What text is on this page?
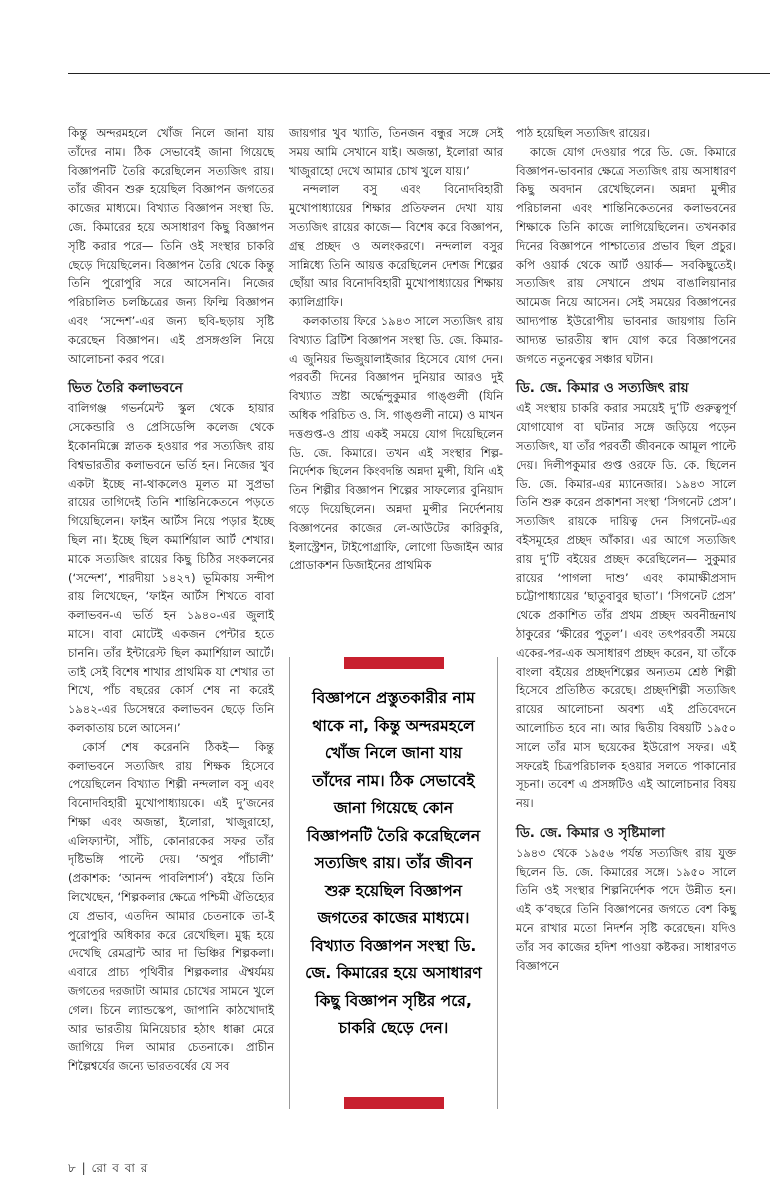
কিন্তু অন্দরমহলে খোঁজ নিলে জানা যায় তাঁদের নাম। ঠিক সেভাবেই জানা গিয়েছে বিজ্ঞাপনটি তৈরি করেছিলেন সত্যজিৎ রায়। তাঁর জীবন শুরু হয়েছিল বিজ্ঞাপন জগতের কাজের মাধ্যমে। বিখ্যাত বিজ্ঞাপন সংস্থা ডি. জে. কিমারের হয়ে অসাধারণ কিছু বিজ্ঞাপন সৃষ্টি করার পরে— তিনি ওই সংস্থার চাকরি ছেড়ে দিয়েছিলেন। বিজ্ঞাপন তৈরি থেকে কিন্তু তিনি পুরোপুরি সরে আসেননি। নিজের পরিচালিত চলচ্চিত্রের জন্য ফিল্মি বিজ্ঞাপন এবং ‘সন্দেশ’-এর জন্য ছবি-ছড়ায় সৃষ্টি করেছেন বিজ্ঞাপন। এই প্রসঙ্গগুলি নিয়ে আলোচনা করব পরে।

ভিত তৈরি কলাভবনে

বালিগঞ্জ গভর্নমেন্ট স্কুল থেকে হায়ার সেকেন্ডারি ও প্রেসিডেন্সি কলেজ থেকে ইকোনমিক্সে স্নাতক হওয়ার পর সত্যজিৎ রায় বিশ্বভারতীর কলাভবনে ভর্তি হন। নিজের খুব একটা ইচ্ছে না-থাকলেও মূলত মা সুপ্রভা রায়ের তাগিদেই তিনি শান্তিনিকেতনে পড়তে গিয়েছিলেন। ফাইন আর্টস নিয়ে পড়ার ইচ্ছে ছিল না। ইচ্ছে ছিল কমার্শিয়াল আর্ট শেখার। মাকে সত্যজিৎ রায়ের কিছু চিঠির সংকলনের (‘সন্দেশ’, শারদীয়া ১৪২৭) ভূমিকায় সন্দীপ রায় লিখেছেন, ‘ফাইন আর্টস শিখতে বাবা কলাভবন-এ ভর্তি হন ১৯৪০-এর জুলাই মাসে। বাবা মোটেই একজন পেন্টার হতে চাননি। তাঁর ইন্টারেস্ট ছিল কমার্শিয়াল আর্টে। তাই সেই বিশেষ শাখার প্রাথমিক যা শেখার তা শিখে, পাঁচ বছরের কোর্স শেষ না করেই ১৯৪২-এর ডিসেম্বরে কলাভবন ছেড়ে তিনি কলকাতায় চলে আসেন।’

কোর্স শেষ করেননি ঠিকই— কিন্তু কলাভবনে সত্যজিৎ রায় শিক্ষক হিসেবে পেয়েছিলেন বিখ্যাত শিল্পী নন্দলাল বসু এবং বিনোদবিহারী মুখোপাধ্যায়কে। এই দু’জনের শিক্ষা এবং অজন্তা, ইলোরা, খাজুরাহো, এলিফ্যান্টা, সাঁচি, কোনারকের সফর তাঁর দৃষ্টিভঙ্গি পাল্টে দেয়। ‘অপুর পাঁচালী’ (প্রকাশক: ‘আনন্দ পাবলিশার্স’) বইয়ে তিনি লিখেছেন, ‘শিল্পকলার ক্ষেত্রে পশ্চিমী ঐতিহ্যের যে প্রভাব, এতদিন আমার চেতনাকে তা-ই পুরোপুরি অধিকার করে রেখেছিল। মুগ্ধ হয়ে দেখেছি রেমব্রান্ট আর দা ভিঞ্চির শিল্পকলা। এবারে প্রাচ্য পৃথিবীর শিল্পকলার ঐশ্বর্যময় জগতের দরজাটা আমার চোখের সামনে খুলে গেল। চিনে ল্যান্ডস্কেপ, জাপানি কাঠখোদাই আর ভারতীয় মিনিয়েচার হঠাৎ ধাক্কা মেরে জাগিয়ে দিল আমার চেতনাকে। প্রাচীন শিল্পৈশ্বর্যের জন্যে ভারতবর্ষের যে সব

জায়গার খুব খ্যাতি, তিনজন বন্ধুর সঙ্গে সেই সময় আমি সেখানে যাই। অজন্তা, ইলোরা আর খাজুরাহো দেখে আমার চোখ খুলে যায়।’

নন্দলাল বসু এবং বিনোদবিহারী মুখোপাধ্যায়ের শিক্ষার প্রতিফলন দেখা যায় সত্যজিৎ রায়ের কাজে— বিশেষ করে বিজ্ঞাপন, গ্রন্থ প্রচ্ছদ ও অলংকরণে। নন্দলাল বসুর সান্নিধ্যে তিনি আয়ত্ত করেছিলেন দেশজ শিল্পের ছোঁয়া আর বিনোদবিহারী মুখোপাধ্যায়ের শিক্ষায় ক্যালিগ্রাফি।

কলকাতায় ফিরে ১৯৪৩ সালে সত্যজিৎ রায় বিখ্যাত ব্রিটিশ বিজ্ঞাপন সংস্থা ডি. জে. কিমার-এ জুনিয়র ভিজুয়ালাইজার হিসেবে যোগ দেন। পরবর্তী দিনের বিজ্ঞাপন দুনিয়ার আরও দুই বিখ্যাত স্রষ্টা অর্দ্ধেন্দুকুমার গাঙ্গুলী (যিনি অধিক পরিচিত ও. সি. গাঙ্গুলী নামে) ও মাখন দত্তগুপ্ত-ও প্রায় একই সময়ে যোগ দিয়েছিলেন ডি. জে. কিমারে। তখন এই সংস্থার শিল্প-নির্দেশক ছিলেন কিংবদন্তি অন্নদা মুন্সী, যিনি এই তিন শিল্পীর বিজ্ঞাপন শিল্পের সাফল্যের বুনিয়াদ গড়ে দিয়েছিলেন। অন্নদা মুন্সীর নির্দেশনায় বিজ্ঞাপনের কাজের লে-আউটের কারিকুরি, ইলাস্ট্রেশন, টাইপোগ্রাফি, লোগো ডিজাইন আর প্রোডাকশন ডিজাইনের প্রাথমিক

বিজ্ঞাপনে প্রস্তুতকারীর নাম থাকে না, কিন্তু অন্দরমহলে খোঁজ নিলে জানা যায় তাঁদের নাম। ঠিক সেভাবেই জানা গিয়েছে কোন বিজ্ঞাপনটি তৈরি করেছিলেন সত্যজিৎ রায়। তাঁর জীবন শুরু হয়েছিল বিজ্ঞাপন জগতের কাজের মাধ্যমে। বিখ্যাত বিজ্ঞাপন সংস্থা ডি. জে. কিমারের হয়ে অসাধারণ কিছু বিজ্ঞাপন সৃষ্টির পরে, চাকরি ছেড়ে দেন।

পাঠ হয়েছিল সত্যজিৎ রায়ের।

কাজে যোগ দেওয়ার পরে ডি. জে. কিমারে বিজ্ঞাপন-ভাবনার ক্ষেত্রে সত্যজিৎ রায় অসাধারণ কিছু অবদান রেখেছিলেন। অন্নদা মুন্সীর পরিচালনা এবং শান্তিনিকেতনের কলাভবনের শিক্ষাকে তিনি কাজে লাগিয়েছিলেন। তখনকার দিনের বিজ্ঞাপনে পাশ্চাত্যের প্রভাব ছিল প্রচুর। কপি ওয়ার্ক থেকে আর্ট ওয়ার্ক— সবকিছুতেই। সত্যজিৎ রায় সেখানে প্রথম বাঙালিয়ানার আমেজ নিয়ে আসেন। সেই সময়ের বিজ্ঞাপনের আদ্যপান্ত ইউরোপীয় ভাবনার জায়গায় তিনি আদ্যন্ত ভারতীয় স্বাদ যোগ করে বিজ্ঞাপনের জগতে নতুনত্বের সঞ্চার ঘটান।

ডি. জে. কিমার ও সত্যজিৎ রায়

এই সংস্থায় চাকরি করার সময়েই দু’টি গুরুত্বপূর্ণ যোগাযোগ বা ঘটনার সঙ্গে জড়িয়ে পড়েন সত্যজিৎ, যা তাঁর পরবর্তী জীবনকে আমূল পাল্টে দেয়। দিলীপকুমার গুপ্ত ওরফে ডি. কে. ছিলেন ডি. জে. কিমার-এর ম্যানেজার। ১৯৪৩ সালে তিনি শুরু করেন প্রকাশনা সংস্থা ‘সিগনেট প্রেস’। সত্যজিৎ রায়কে দায়িত্ব দেন সিগনেট-এর বইসমূহের প্রচ্ছদ আঁকার। এর আগে সত্যজিৎ রায় দু’টি বইয়ের প্রচ্ছদ করেছিলেন— সুকুমার রায়ের ‘পাগলা দাশু’ এবং কামাক্ষীপ্রসাদ চট্টোপাধ্যায়ের ‘ছাতুবাবুর ছাতা’। ‘সিগনেট প্রেস’ থেকে প্রকাশিত তাঁর প্রথম প্রচ্ছদ অবনীন্দ্রনাথ ঠাকুরের ‘ক্ষীরের পুতুল’। এবং তৎপরবর্তী সময়ে একের-পর-এক অসাধারণ প্রচ্ছদ করেন, যা তাঁকে বাংলা বইয়ের প্রচ্ছদশিল্পের অন্যতম শ্রেষ্ঠ শিল্পী হিসেবে প্রতিষ্ঠিত করেছে। প্রচ্ছদশিল্পী সত্যজিৎ রায়ের আলোচনা অবশ্য এই প্রতিবেদনে আলোচিত হবে না। আর দ্বিতীয় বিষয়টি ১৯৫০ সালে তাঁর মাস ছয়েকের ইউরোপ সফর। এই সফরেই চিত্রপরিচালক হওয়ার সলতে পাকানোর সূচনা। তবেশ এ প্রসঙ্গটিও এই আলোচনার বিষয় নয়।

ডি. জে. কিমার ও সৃষ্টিমালা

১৯৪৩ থেকে ১৯৫৬ পর্যন্ত সত্যজিৎ রায় যুক্ত ছিলেন ডি. জে. কিমারের সঙ্গে। ১৯৫০ সালে তিনি ওই সংস্থার শিল্পনির্দেশক পদে উন্নীত হন। এই ক’বছরে তিনি বিজ্ঞাপনের জগতে বেশ কিছু মনে রাখার মতো নিদর্শন সৃষ্টি করেছেন। যদিও তাঁর সব কাজের হদিশ পাওয়া কষ্টকর। সাধারণত বিজ্ঞাপনে

৮ | রো ব বা র
